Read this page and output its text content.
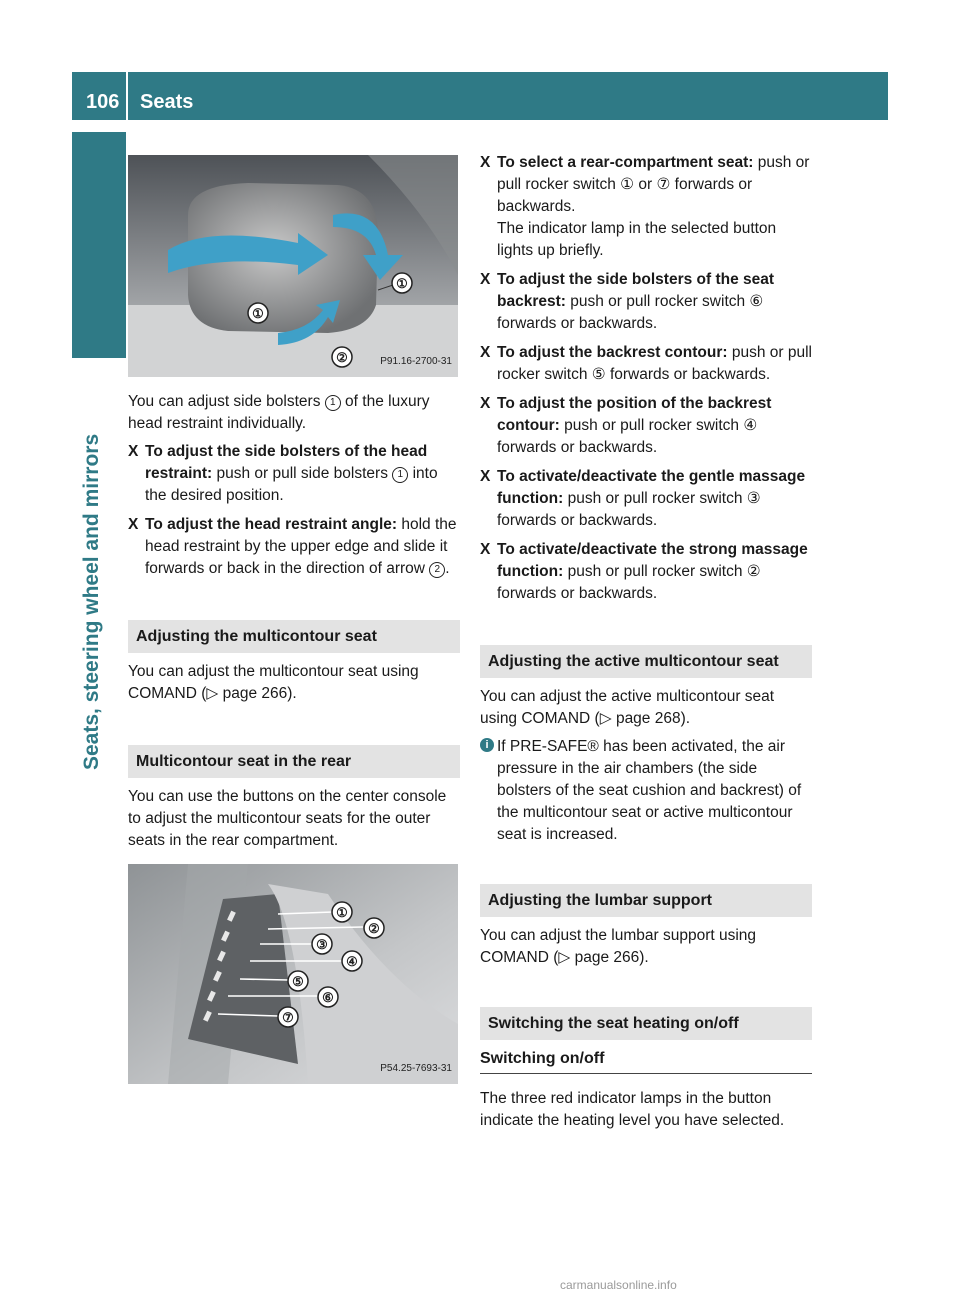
106 Seats
Seats, steering wheel and mirrors
①
①
②	P91.16-2700-31

You can adjust side bolsters 1 of the luxury head restraint individually.

X To adjust the side bolsters of the head restraint: push or pull side bolsters 1 into the desired position.
X To adjust the head restraint angle: hold the head restraint by the upper edge and slide it forwards or back in the direction of arrow 2 .
Adjusting the multicontour seat

You can adjust the multicontour seat using COMAND (▷ page 266).

Multicontour seat in the rear

You can use the buttons on the center console to adjust the multicontour seats for the outer seats in the rear compartment.

①
②
③
④
⑤
⑥
⑦
P54.25-7693-31
X To select a rear-compartment seat: push or pull rocker switch ① or ⑦ forwards or backwards.
The indicator lamp in the selected button lights up briefly.
X To adjust the side bolsters of the seat backrest: push or pull rocker switch ⑥ forwards or backwards.
X To adjust the backrest contour: push or pull rocker switch ⑤ forwards or backwards.
X To adjust the position of the backrest contour: push or pull rocker switch ④ forwards or backwards.
X To activate/deactivate the gentle massage function: push or pull rocker switch ③ forwards or backwards.
X To activate/deactivate the strong massage function: push or pull rocker switch ② forwards or backwards.
Adjusting the active multicontour seat

You can adjust the active multicontour seat using COMAND (▷ page 268).

i If PRE-SAFE® has been activated, the air pressure in the air chambers (the side bolsters of the seat cushion and backrest) of the multicontour seat or active multicontour seat is increased.
Adjusting the lumbar support

You can adjust the lumbar support using COMAND (▷ page 266).

Switching the seat heating on/off
Switching on/off

The three red indicator lamps in the button indicate the heating level you have selected.

carmanualsonline.info
